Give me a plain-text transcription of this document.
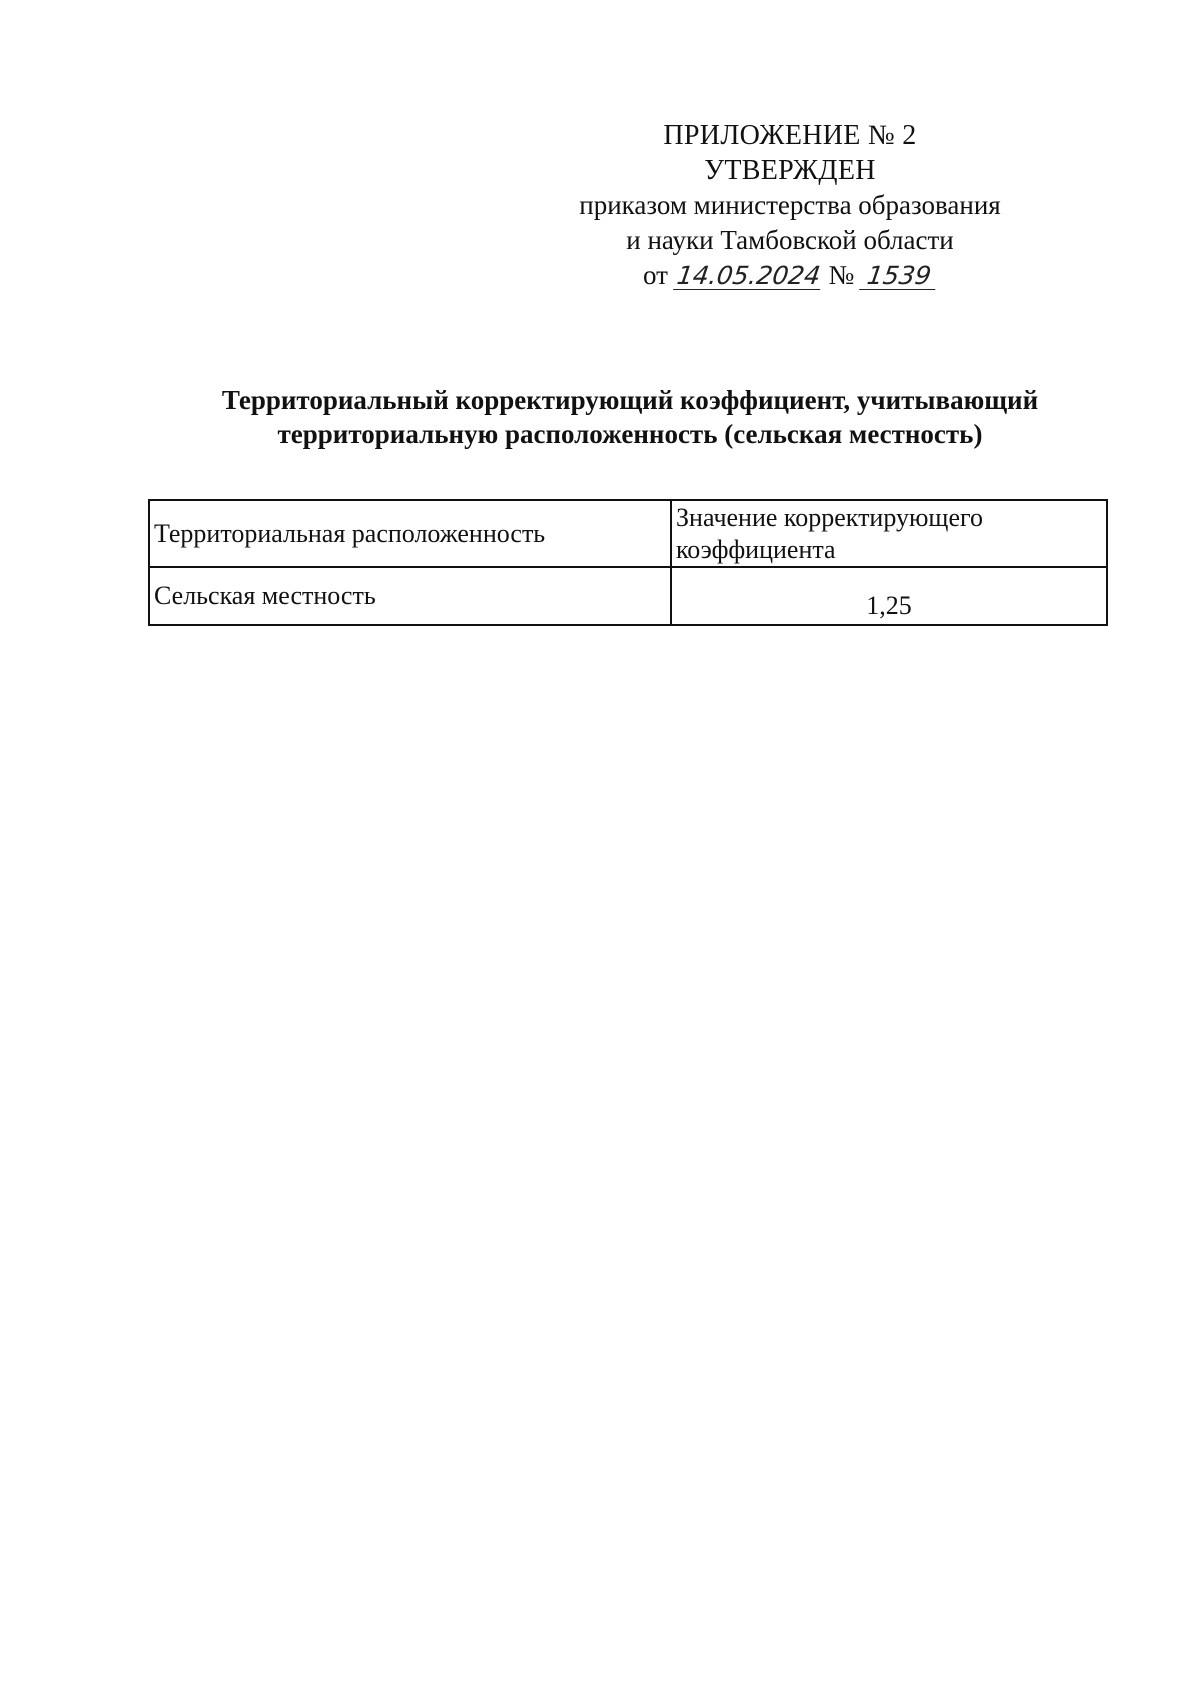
ПРИЛОЖЕНИЕ № 2
УТВЕРЖДЕН
приказом министерства образования
и науки Тамбовской области
от 14.05.2024 № 1539
Территориальный корректирующий коэффициент, учитывающий
территориальную расположенность (сельская местность)
Территориальная расположенность	Значение корректирующего коэффициента
Сельская местность	1,25
